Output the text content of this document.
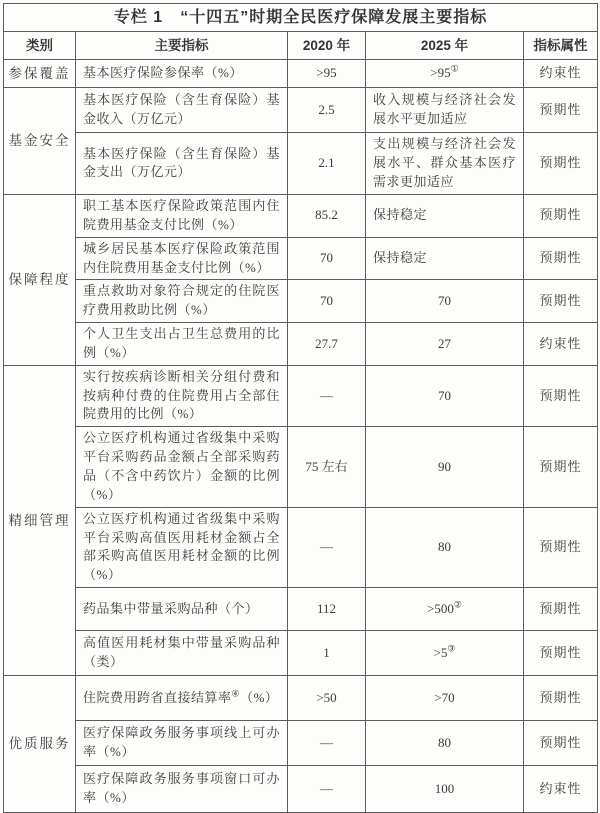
专栏 1　“十四五”时期全民医疗保障发展主要指标				
类别	主要指标	2020 年	2025 年	指标属性
参保覆盖	基本医疗保险参保率（%）	>95	>95①	约束性
基金安全	基本医疗保险（含生育保险）基金收入（万亿元）	2.5	收入规模与经济社会发展水平更加适应	预期性
	基本医疗保险（含生育保险）基金支出（万亿元）	2.1	支出规模与经济社会发展水平、群众基本医疗需求更加适应	预期性
保障程度	职工基本医疗保险政策范围内住院费用基金支付比例（%）	85.2	保持稳定	预期性
	城乡居民基本医疗保险政策范围内住院费用基金支付比例（%）	70	保持稳定	预期性
	重点救助对象符合规定的住院医疗费用救助比例（%）	70	70	预期性
	个人卫生支出占卫生总费用的比例（%）	27.7	27	约束性
精细管理	实行按疾病诊断相关分组付费和按病种付费的住院费用占全部住院费用的比例（%）	—	70	预期性
	公立医疗机构通过省级集中采购平台采购药品金额占全部采购药品（不含中药饮片）金额的比例（%）	75 左右	90	预期性
	公立医疗机构通过省级集中采购平台采购高值医用耗材金额占全部采购高值医用耗材金额的比例（%）	—	80	预期性
	药品集中带量采购品种（个）	112	>500②	预期性
	高值医用耗材集中带量采购品种（类）	1	>5③	预期性
优质服务	住院费用跨省直接结算率④（%）	>50	>70	预期性
	医疗保障政务服务事项线上可办率（%）	—	80	预期性
	医疗保障政务服务事项窗口可办率（%）	—	100	约束性
